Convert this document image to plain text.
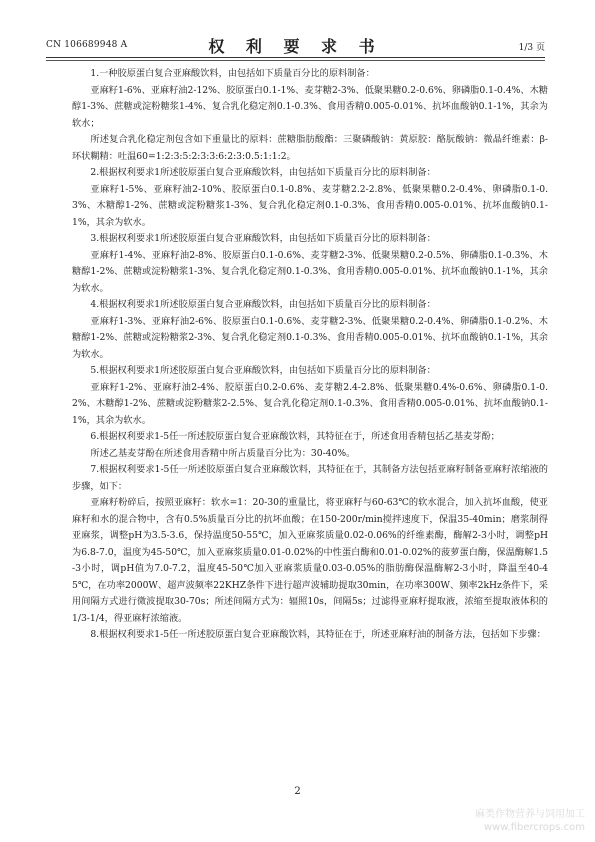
CN 106689948 A	权 利 要 求 书	1/3 页

1.一种胶原蛋白复合亚麻酸饮料，由包括如下质量百分比的原料制备：

亚麻籽1-6%、亚麻籽油2-12%、胶原蛋白0.1-1%、麦芽糖2-3%、低聚果糖0.2-0.6%、卵磷脂0.1-0.4%、木糖醇1-3%、蔗糖或淀粉糖浆1-4%、复合乳化稳定剂0.1-0.3%、食用香精0.005-0.01%、抗坏血酸钠0.1-1%，其余为软水；

所述复合乳化稳定剂包含如下重量比的原料：蔗糖脂肪酸酯：三聚磷酸钠：黄原胶：酪朊酸钠：微晶纤维素：β-环状糊精：吐温60=1:2:3:5:2:3:3:6:2:3:0.5:1:1:2。

2.根据权利要求1所述胶原蛋白复合亚麻酸饮料，由包括如下质量百分比的原料制备：

亚麻籽1-5%、亚麻籽油2-10%、胶原蛋白0.1-0.8%、麦芽糖2.2-2.8%、低聚果糖0.2-0.4%、卵磷脂0.1-0.3%、木糖醇1-2%、蔗糖或淀粉糖浆1-3%、复合乳化稳定剂0.1-0.3%、食用香精0.005-0.01%、抗坏血酸钠0.1-1%，其余为软水。

3.根据权利要求1所述胶原蛋白复合亚麻酸饮料，由包括如下质量百分比的原料制备：

亚麻籽1-4%、亚麻籽油2-8%、胶原蛋白0.1-0.6%、麦芽糖2-3%、低聚果糖0.2-0.5%、卵磷脂0.1-0.3%、木糖醇1-2%、蔗糖或淀粉糖浆1-3%、复合乳化稳定剂0.1-0.3%、食用香精0.005-0.01%、抗坏血酸钠0.1-1%，其余为软水。

4.根据权利要求1所述胶原蛋白复合亚麻酸饮料，由包括如下质量百分比的原料制备：

亚麻籽1-3%、亚麻籽油2-6%、胶原蛋白0.1-0.6%、麦芽糖2-3%、低聚果糖0.2-0.4%、卵磷脂0.1-0.2%、木糖醇1-2%、蔗糖或淀粉糖浆2-3%、复合乳化稳定剂0.1-0.3%、食用香精0.005-0.01%、抗坏血酸钠0.1-1%，其余为软水。

5.根据权利要求1所述胶原蛋白复合亚麻酸饮料，由包括如下质量百分比的原料制备：

亚麻籽1-2%、亚麻籽油2-4%、胶原蛋白0.2-0.6%、麦芽糖2.4-2.8%、低聚果糖0.4%-0.6%、卵磷脂0.1-0.2%、木糖醇1-2%、蔗糖或淀粉糖浆2-2.5%、复合乳化稳定剂0.1-0.3%、食用香精0.005-0.01%、抗坏血酸钠0.1-1%，其余为软水。

6.根据权利要求1-5任一所述胶原蛋白复合亚麻酸饮料，其特征在于，所述食用香精包括乙基麦芽酚；

所述乙基麦芽酚在所述食用香精中所占质量百分比为：30-40%。

7.根据权利要求1-5任一所述胶原蛋白复合亚麻酸饮料，其特征在于，其制备方法包括亚麻籽制备亚麻籽浓缩液的步骤，如下：

亚麻籽粉碎后，按照亚麻籽：软水=1：20-30的重量比，将亚麻籽与60-63℃的软水混合，加入抗坏血酸，使亚麻籽和水的混合物中，含有0.5%质量百分比的抗坏血酸；在150-200r/min搅拌速度下，保温35-40min；磨浆制得亚麻浆，调整pH为3.5-3.6，保持温度50-55℃，加入亚麻浆质量0.02-0.06%的纤维素酶，酶解2-3小时，调整pH为6.8-7.0，温度为45-50℃，加入亚麻浆质量0.01-0.02%的中性蛋白酶和0.01-0.02%的菠萝蛋白酶，保温酶解1.5-3小时，调pH值为7.0-7.2，温度45-50℃加入亚麻浆质量0.03-0.05%的脂肪酶保温酶解2-3小时，降温至40-45℃，在功率2000W、超声波频率22KHZ条件下进行超声波辅助提取30min，在功率300W、频率2kHz条件下，采用间隔方式进行微波提取30-70s；所述间隔方式为：辐照10s，间隔5s；过滤得亚麻籽提取液，浓缩至提取液体积的1/3-1/4，得亚麻籽浓缩液。

8.根据权利要求1-5任一所述胶原蛋白复合亚麻酸饮料，其特征在于，所述亚麻籽油的制备方法，包括如下步骤：

2
麻类作物营养与饲用加工
www.fibercrops.com
